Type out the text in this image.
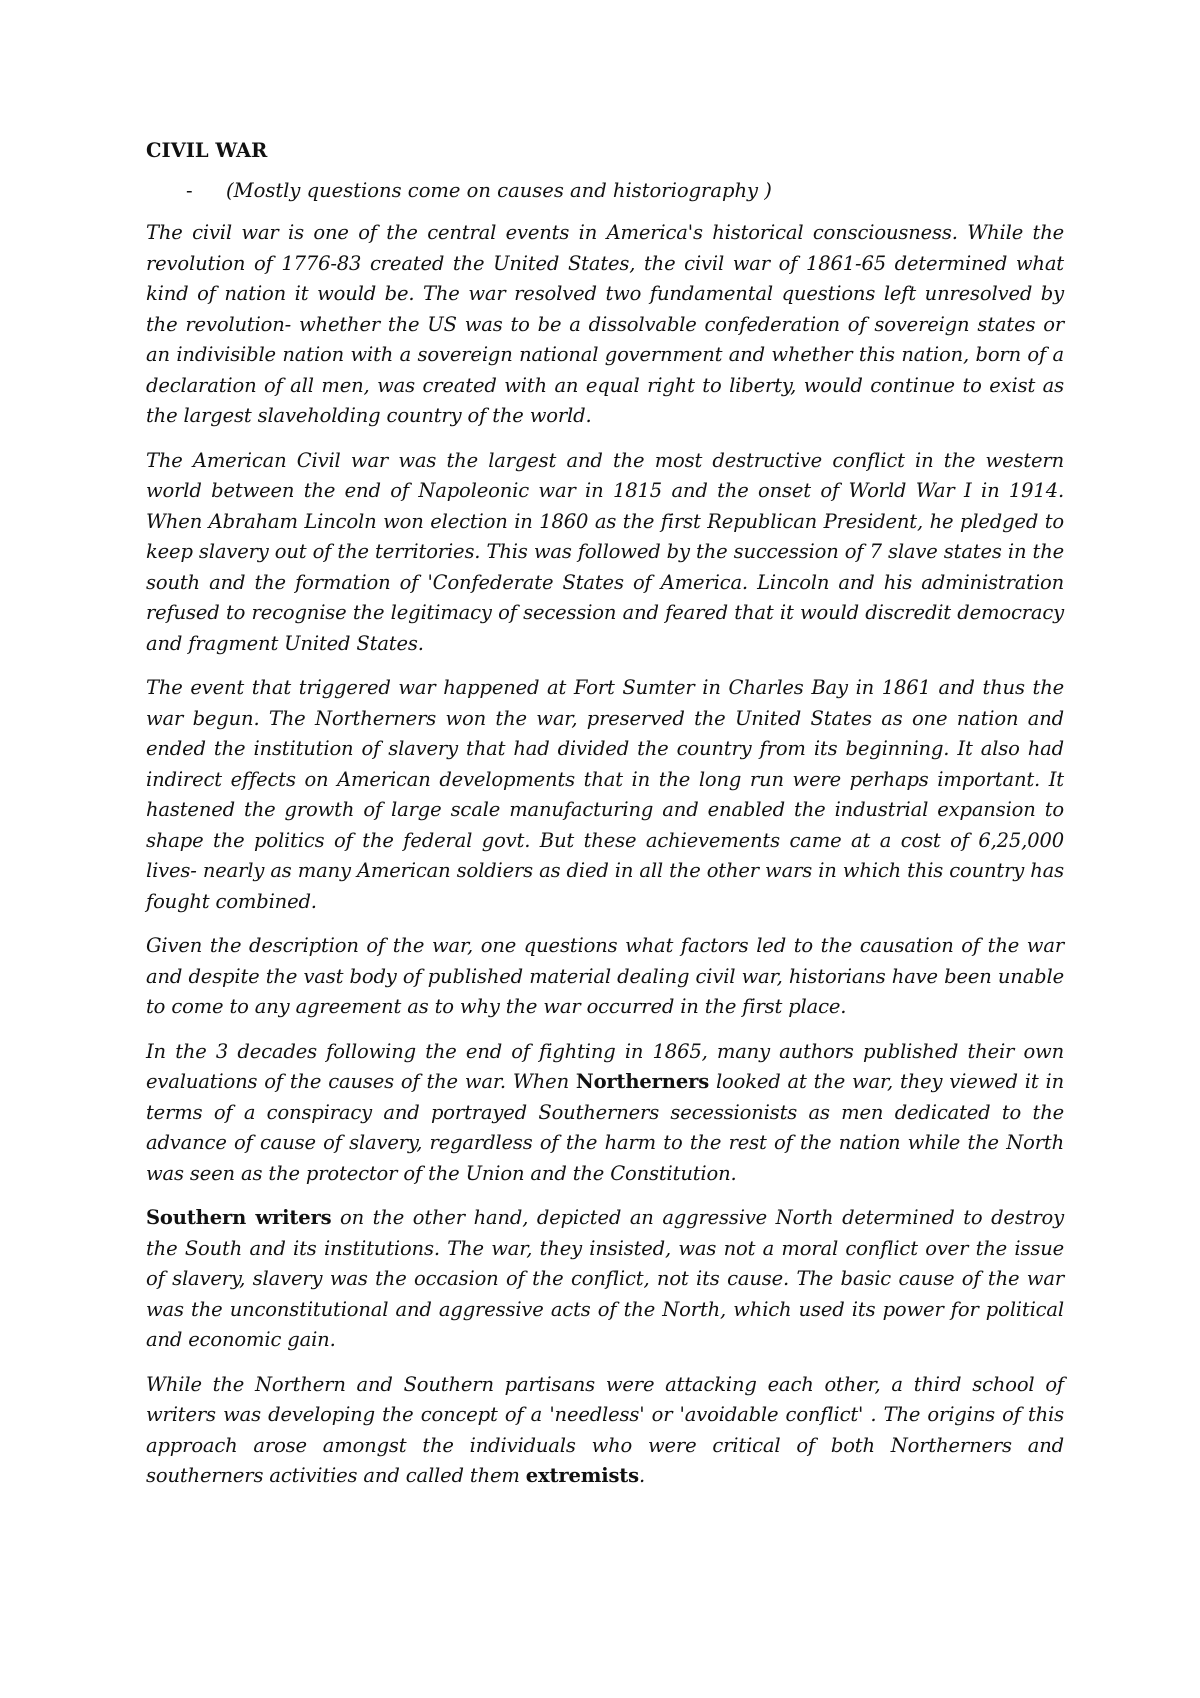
CIVIL WAR
-	(Mostly questions come on causes and historiography )

The civil war is one of the central events in America's historical consciousness. While the revolution of 1776-83 created the United States, the civil war of 1861-65 determined what kind of nation it would be. The war resolved two fundamental questions left unresolved by the revolution- whether the US was to be a dissolvable confederation of sovereign states or an indivisible nation with a sovereign national government and whether this nation, born of a declaration of all men, was created with an equal right to liberty, would continue to exist as the largest slaveholding country of the world.

The American Civil war was the largest and the most destructive conflict in the western world between the end of Napoleonic war in 1815 and the onset of World War I in 1914. When Abraham Lincoln won election in 1860 as the first Republican President, he pledged to keep slavery out of the territories. This was followed by the succession of 7 slave states in the south and the formation of 'Confederate States of America. Lincoln and his administration refused to recognise the legitimacy of secession and feared that it would discredit democracy and fragment United States.

The event that triggered war happened at Fort Sumter in Charles Bay in 1861 and thus the war begun. The Northerners won the war, preserved the United States as one nation and ended the institution of slavery that had divided the country from its beginning. It also had indirect effects on American developments that in the long run were perhaps important. It hastened the growth of large scale manufacturing and enabled the industrial expansion to shape the politics of the federal govt. But these achievements came at a cost of 6,25,000 lives- nearly as many American soldiers as died in all the other wars in which this country has fought combined.

Given the description of the war, one questions what factors led to the causation of the war and despite the vast body of published material dealing civil war, historians have been unable to come to any agreement as to why the war occurred in the first place.

In the 3 decades following the end of fighting in 1865, many authors published their own evaluations of the causes of the war. When Northerners looked at the war, they viewed it in terms of a conspiracy and portrayed Southerners secessionists as men dedicated to the advance of cause of slavery, regardless of the harm to the rest of the nation while the North was seen as the protector of the Union and the Constitution.

Southern writers on the other hand, depicted an aggressive North determined to destroy the South and its institutions. The war, they insisted, was not a moral conflict over the issue of slavery, slavery was the occasion of the conflict, not its cause. The basic cause of the war was the unconstitutional and aggressive acts of the North, which used its power for political and economic gain.

While the Northern and Southern partisans were attacking each other, a third school of writers was developing the concept of a 'needless' or 'avoidable conflict' . The origins of this approach arose amongst the individuals who were critical of both Northerners and southerners activities and called them extremists.
